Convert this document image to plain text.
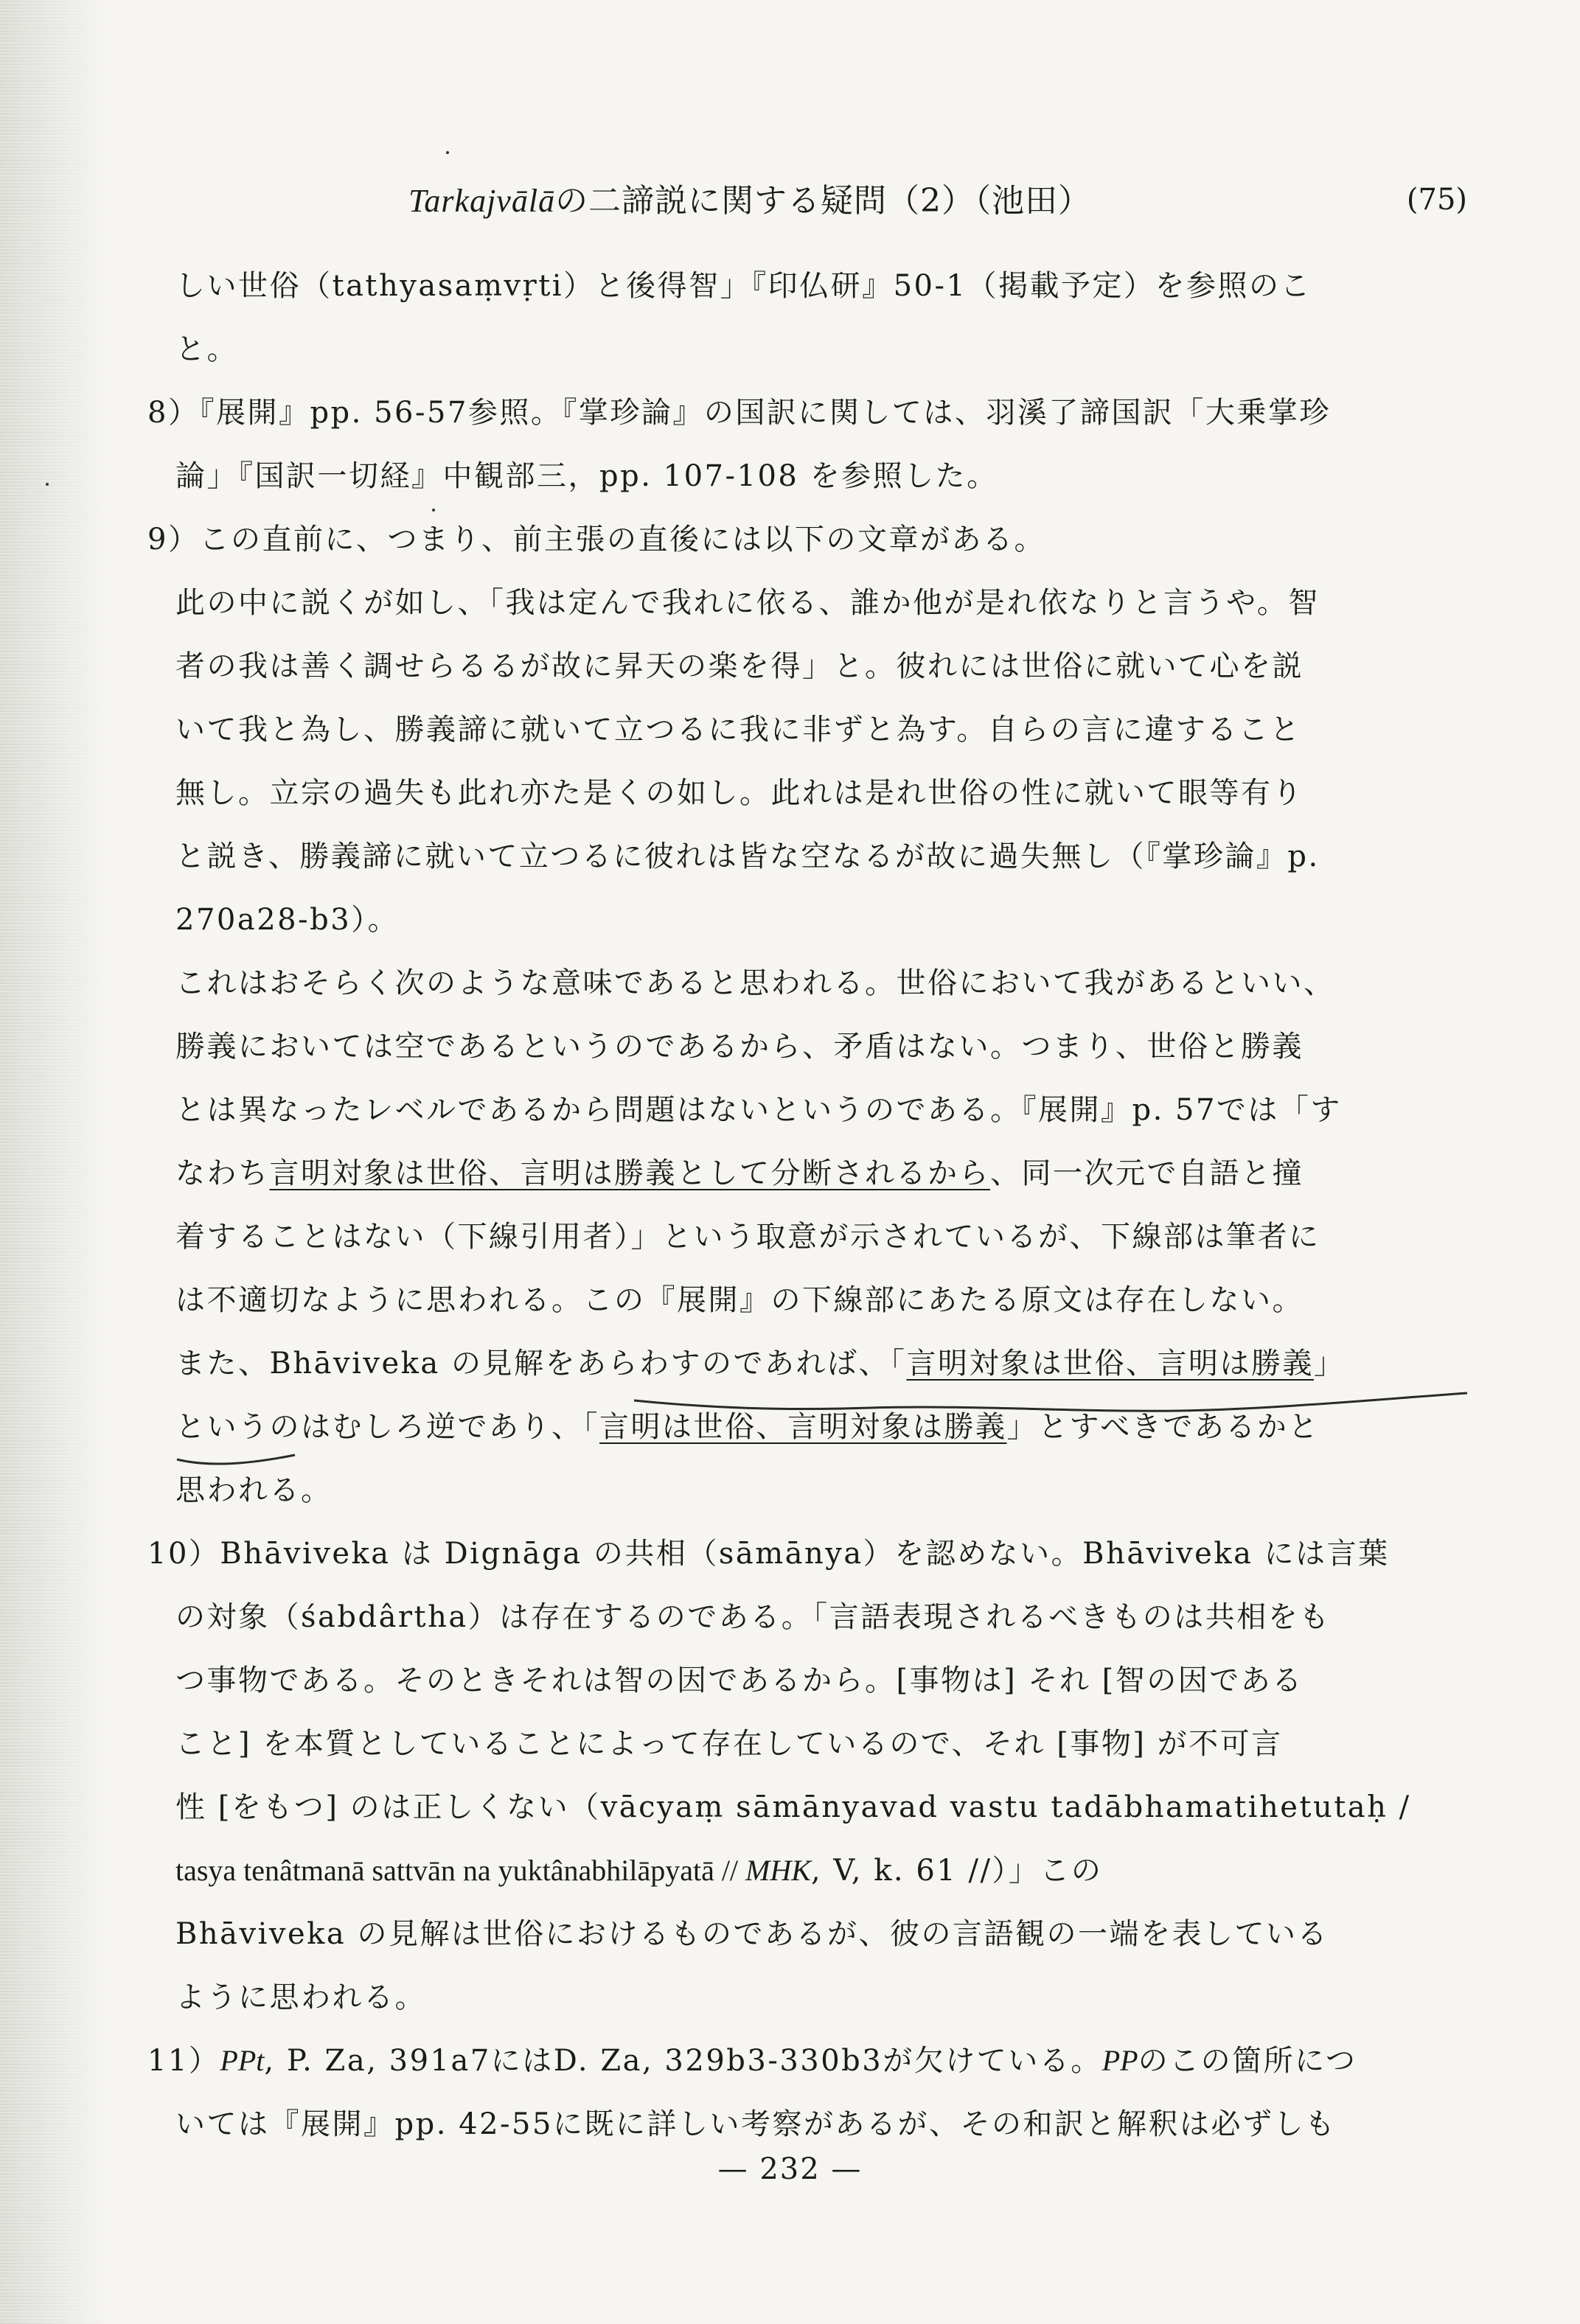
Tarkajvālāの二諦説に関する疑問（2）（池田）	(75)
しい世俗（tathyasaṃvṛti）と後得智」『印仏研』50-1（掲載予定）を参照のこ
と。
8）『展開』pp. 56-57参照。『掌珍論』の国訳に関しては、羽溪了諦国訳「大乗掌珍
論」『国訳一切経』中観部三，pp. 107-108 を参照した。
9）この直前に、つまり、前主張の直後には以下の文章がある。
此の中に説くが如し、「我は定んで我れに依る、誰か他が是れ依なりと言うや。智
者の我は善く調せらるるが故に昇天の楽を得」と。彼れには世俗に就いて心を説
いて我と為し、勝義諦に就いて立つるに我に非ずと為す。自らの言に違すること
無し。立宗の過失も此れ亦た是くの如し。此れは是れ世俗の性に就いて眼等有り
と説き、勝義諦に就いて立つるに彼れは皆な空なるが故に過失無し（『掌珍論』p.
270a28-b3）。
これはおそらく次のような意味であると思われる。世俗において我があるといい、
勝義においては空であるというのであるから、矛盾はない。つまり、世俗と勝義
とは異なったレベルであるから問題はないというのである。『展開』p. 57では「す
なわち言明対象は世俗、言明は勝義として分断されるから、同一次元で自語と撞
着することはない（下線引用者）」という取意が示されているが、下線部は筆者に
は不適切なように思われる。この『展開』の下線部にあたる原文は存在しない。
また、Bhāviveka の見解をあらわすのであれば、「言明対象は世俗、言明は勝義」
というのはむしろ逆であり、「言明は世俗、言明対象は勝義」とすべきであるかと
思われる。
10）Bhāviveka は Dignāga の共相（sāmānya）を認めない。Bhāviveka には言葉
の対象（śabdârtha）は存在するのである。「言語表現されるべきものは共相をも
つ事物である。そのときそれは智の因であるから。[事物は] それ [智の因である
こと] を本質としていることによって存在しているので、それ [事物] が不可言
性 [をもつ] のは正しくない（vācyaṃ sāmānyavad vastu tadābhamatihetutaḥ /
tasya tenâtmanā sattvān na yuktânabhilāpyatā // MHK, V, k. 61 //）」この
Bhāviveka の見解は世俗におけるものであるが、彼の言語観の一端を表している
ように思われる。
11）PPt, P. Za, 391a7にはD. Za, 329b3-330b3が欠けている。PPのこの箇所につ
いては『展開』pp. 42-55に既に詳しい考察があるが、その和訳と解釈は必ずしも
— 232 —
